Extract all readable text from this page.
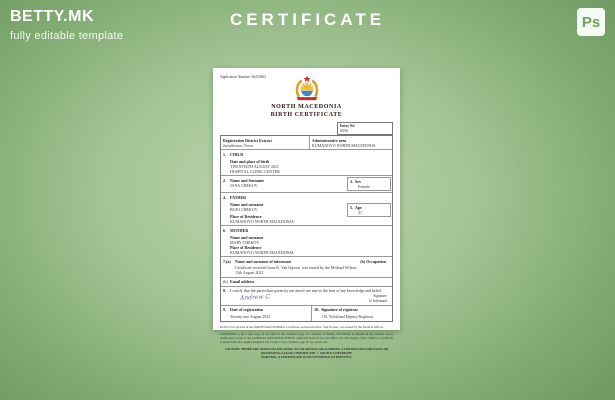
BETTY.MK
fully editable template
CERTIFICATE	Ps
Application Number: 66255463
NORTH MACEDONIA
BIRTH CERTIFICATE
Entry No.
69/63
Registration District Extract
Jurisdiction: Town
Administrative area
KUMANOVO NORTH MACEDONIA
1.	CHILD
Date and place of birth
TWENTIETH AUGUST 2021
HOSPITAL CLINIC CENTER
2.	Name and Surname
JANA CHEKOV
3. Sex
Female
4.	FATHER
Name and surname
BOJO CHEKOV
Place of Residence
KUMANOVO NORTH MACEDONIA
5. Age
31
6.	MOTHER
Name and surname
MARY CHEKOV
Place of Residence
KUMANOVO NORTH MACEDONIA
7.(a)	Name and surname of informant	(b) Occupation
Certificate received from K. Van Oqwen, was issued by the Michael Wilson
13th August 2021
(b) Email address
8.	I certify that the particulars given by me above are true to the best of my knowledge and belief
Andrew C	Signature
of Informant
9.	Date of registration
Twenty-one August 2021
10. Signature of registrar
J.W. Wicklund Deputy Registrar
In Part 23 is spaced in the NORTH MACEDONIA. Certificate received from K. Van Oqwen, was issued by the Medical Officer.
CERTIFIED to be a true copy of an entry in the certified copy of a register of Births, Still Births or Deaths in the District above mentioned. Given at the GENERAL REGISTER OFFICE, under the Seal of the said Office on 12th August, 2021. Where a certificate is given from the original Register, the words 'of the certified copy of' are struck out.
CAUTION: THERE ARE OFFENCES RELATING TO FALSIFYING OR ALTERING A CERTIFICATE AND USING OR POSSESSING A FALSE CERTIFICATE. © CROWN COPYRIGHT
WARNING: A CERTIFICATE IS NOT EVIDENCE OF IDENTITY.
